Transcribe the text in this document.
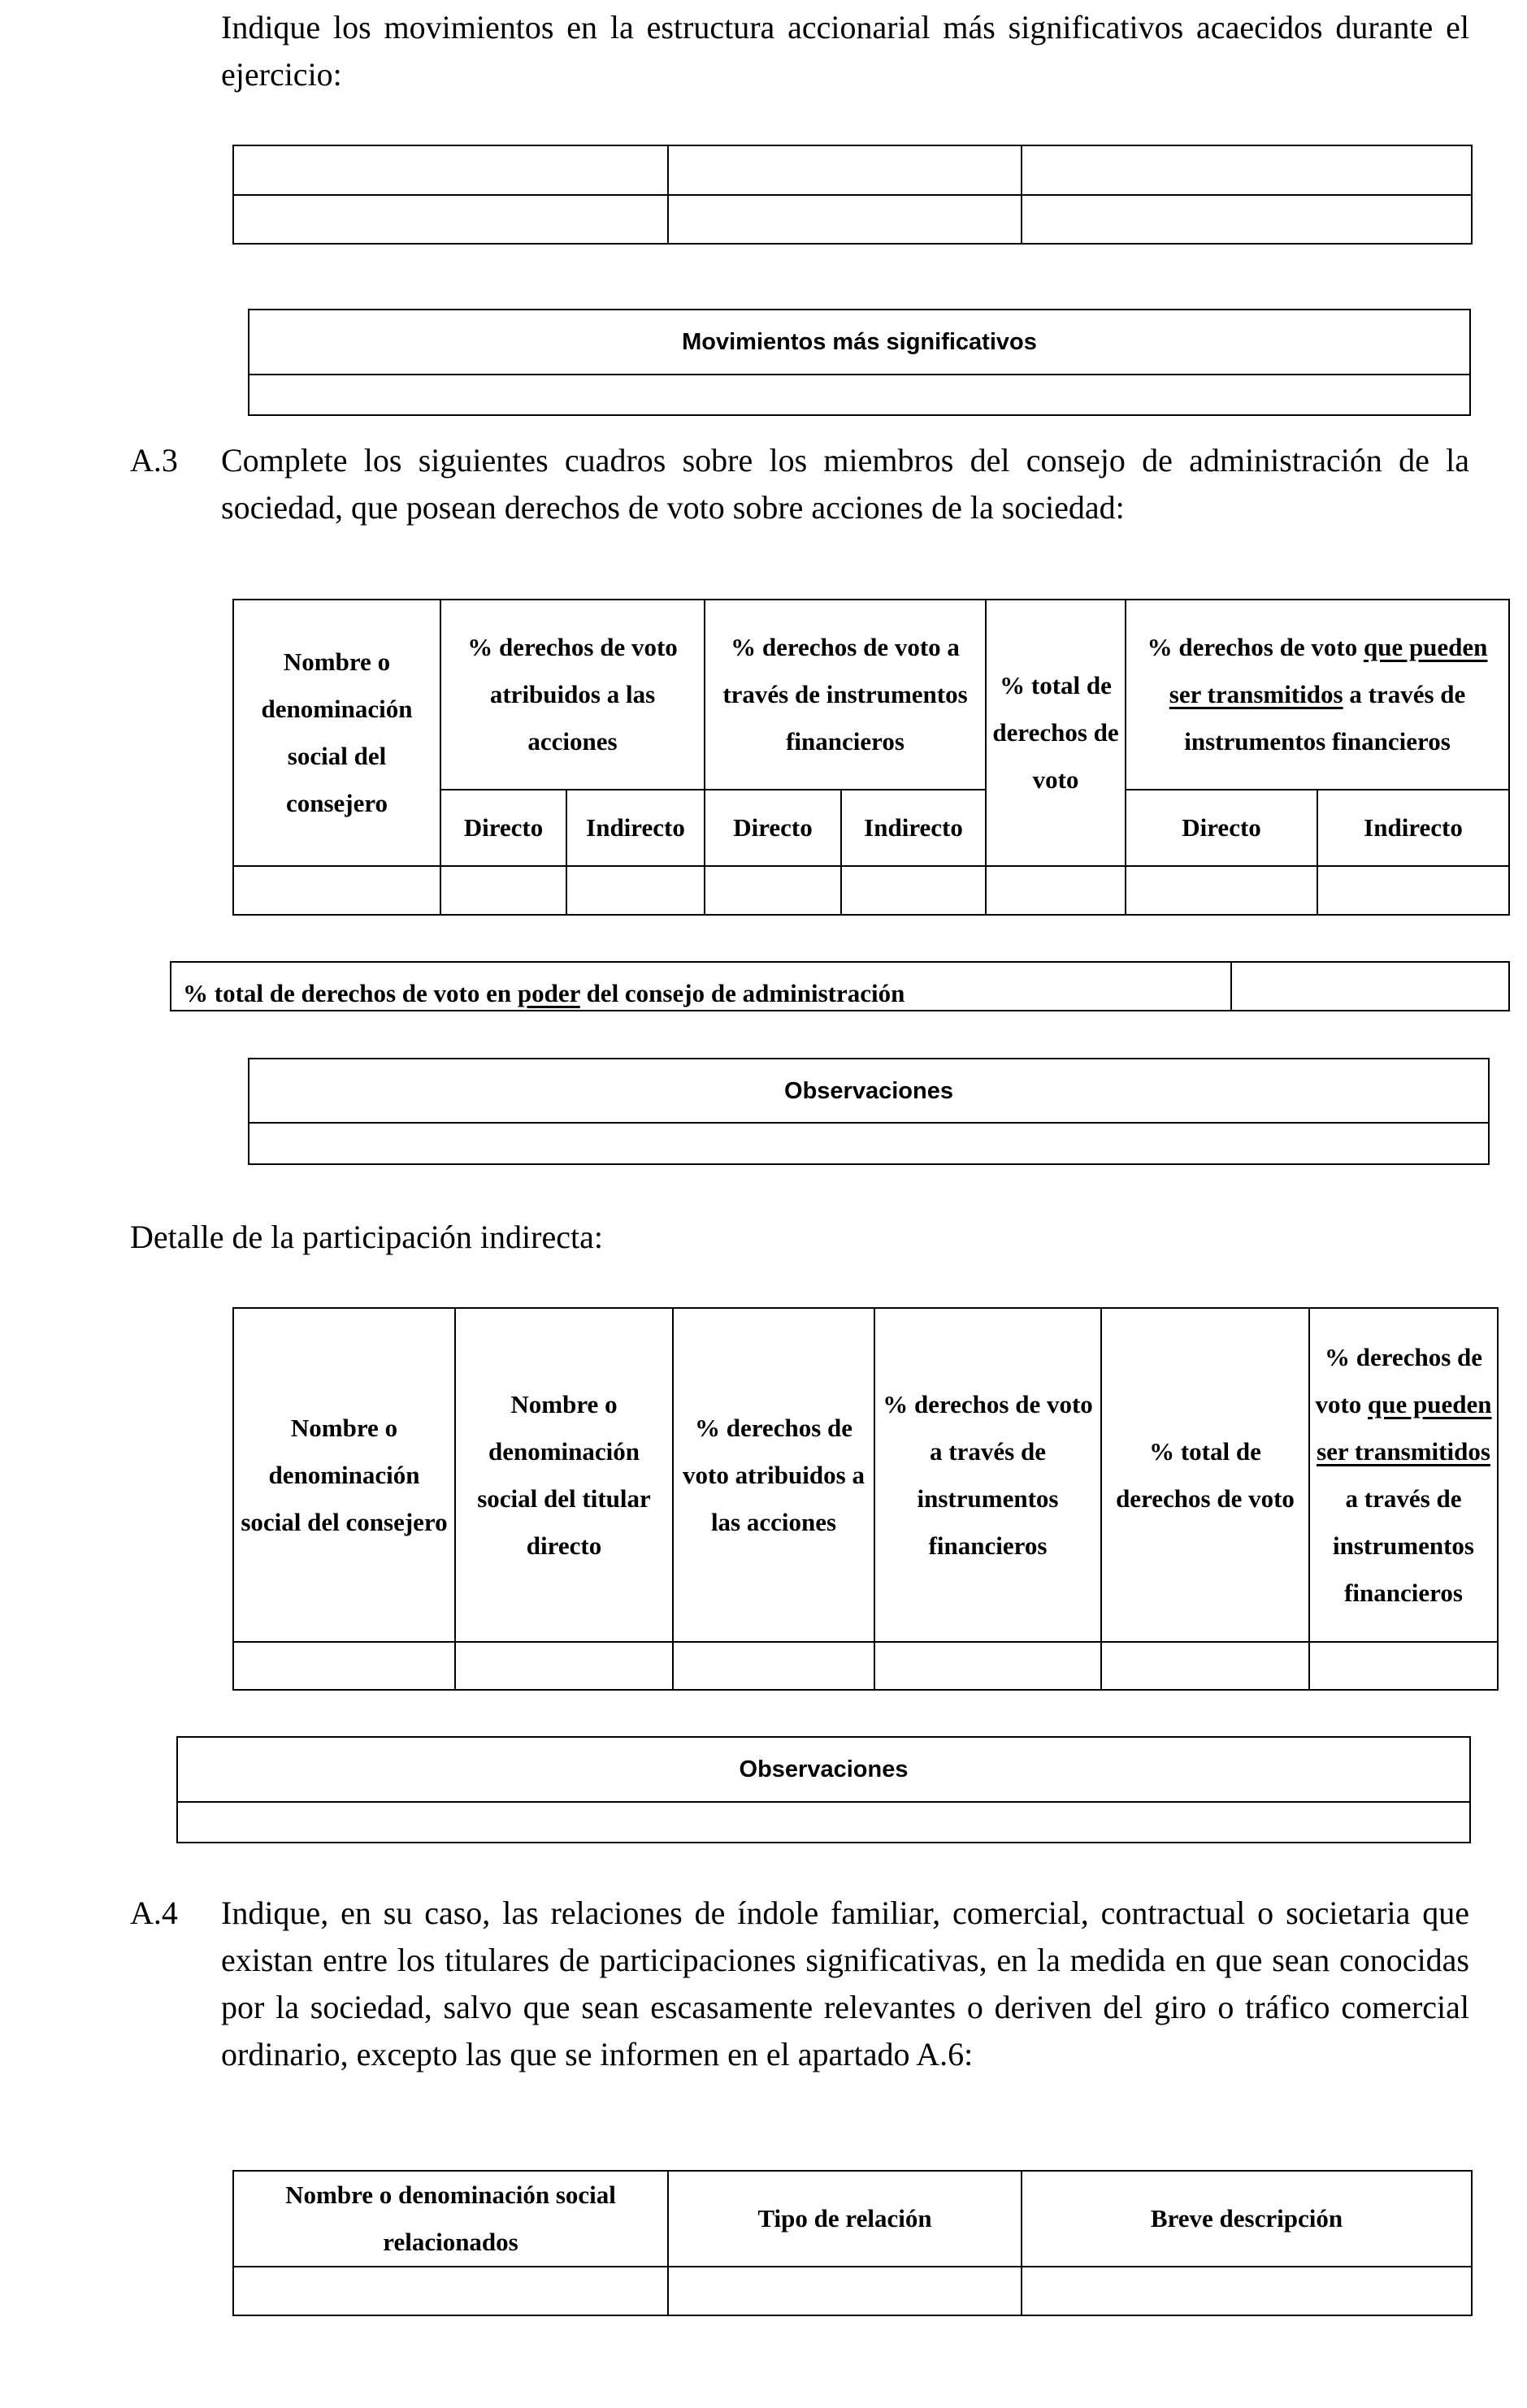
Indique los movimientos en la estructura accionarial más significativos acaecidos durante el ejercicio:

Movimientos más significativos

A.3 Complete los siguientes cuadros sobre los miembros del consejo de administración de la sociedad, que posean derechos de voto sobre acciones de la sociedad:
Nombre o denominación social del consejero	% derechos de voto atribuidos a las acciones		% derechos de voto a través de instrumentos financieros		% total de derechos de voto	% derechos de voto que pueden ser transmitidos a través de instrumentos financieros	
	Directo	Indirecto	Directo	Indirecto		Directo	Indirecto

% total de derechos de voto en poder del consejo de administración	
Observaciones

Detalle de la participación indirecta:
Nombre o denominación social del consejero	Nombre o denominación social del titular directo	% derechos de voto atribuidos a las acciones	% derechos de voto a través de instrumentos financieros	% total de derechos de voto	% derechos de voto que pueden ser transmitidos a través de instrumentos financieros

Observaciones

A.4 Indique, en su caso, las relaciones de índole familiar, comercial, contractual o societaria que existan entre los titulares de participaciones significativas, en la medida en que sean conocidas por la sociedad, salvo que sean escasamente relevantes o deriven del giro o tráfico comercial ordinario, excepto las que se informen en el apartado A.6:
Nombre o denominación social relacionados	Tipo de relación	Breve descripción
